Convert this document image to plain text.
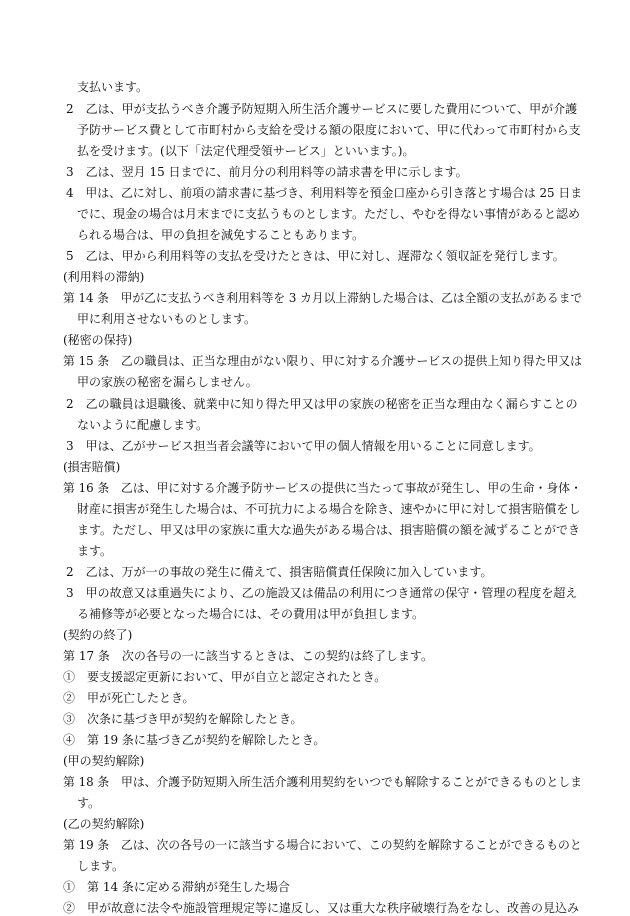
支払います。
2　乙は、甲が支払うべき介護予防短期入所生活介護サービスに要した費用について、甲が介護
予防サービス費として市町村から支給を受ける額の限度において、甲に代わって市町村から支
払を受けます。(以下「法定代理受領サービス」といいます。)。
3　乙は、翌月 15 日までに、前月分の利用料等の請求書を甲に示します。
4　甲は、乙に対し、前項の請求書に基づき、利用料等を預金口座から引き落とす場合は 25 日ま
でに、現金の場合は月末までに支払うものとします。ただし、やむを得ない事情があると認め
られる場合は、甲の負担を減免することもあります。
5　乙は、甲から利用料等の支払を受けたときは、甲に対し、遅滞なく領収証を発行します。
(利用料の滞納)
第 14 条　甲が乙に支払うべき利用料等を 3 カ月以上滞納した場合は、乙は全額の支払があるまで
甲に利用させないものとします。
(秘密の保持)
第 15 条　乙の職員は、正当な理由がない限り、甲に対する介護サービスの提供上知り得た甲又は
甲の家族の秘密を漏らしません。
2　乙の職員は退職後、就業中に知り得た甲又は甲の家族の秘密を正当な理由なく漏らすことの
ないように配慮します。
3　甲は、乙がサービス担当者会議等において甲の個人情報を用いることに同意します。
(損害賠償)
第 16 条　乙は、甲に対する介護予防サービスの提供に当たって事故が発生し、甲の生命・身体・
財産に損害が発生した場合は、不可抗力による場合を除き、速やかに甲に対して損害賠償をし
ます。ただし、甲又は甲の家族に重大な過失がある場合は、損害賠償の額を減ずることができ
ます。
2　乙は、万が一の事故の発生に備えて、損害賠償責任保険に加入しています。
3　甲の故意又は重過失により、乙の施設又は備品の利用につき通常の保守・管理の程度を超え
る補修等が必要となった場合には、その費用は甲が負担します。
(契約の終了)
第 17 条　次の各号の一に該当するときは、この契約は終了します。
①　要支援認定更新において、甲が自立と認定されたとき。
②　甲が死亡したとき。
③　次条に基づき甲が契約を解除したとき。
④　第 19 条に基づき乙が契約を解除したとき。
(甲の契約解除)
第 18 条　甲は、介護予防短期入所生活介護利用契約をいつでも解除することができるものとしま
す。
(乙の契約解除)
第 19 条　乙は、次の各号の一に該当する場合において、この契約を解除することができるものと
します。
①　第 14 条に定める滞納が発生した場合
②　甲が故意に法令や施設管理規定等に違反し、又は重大な秩序破壊行為をなし、改善の見込み
